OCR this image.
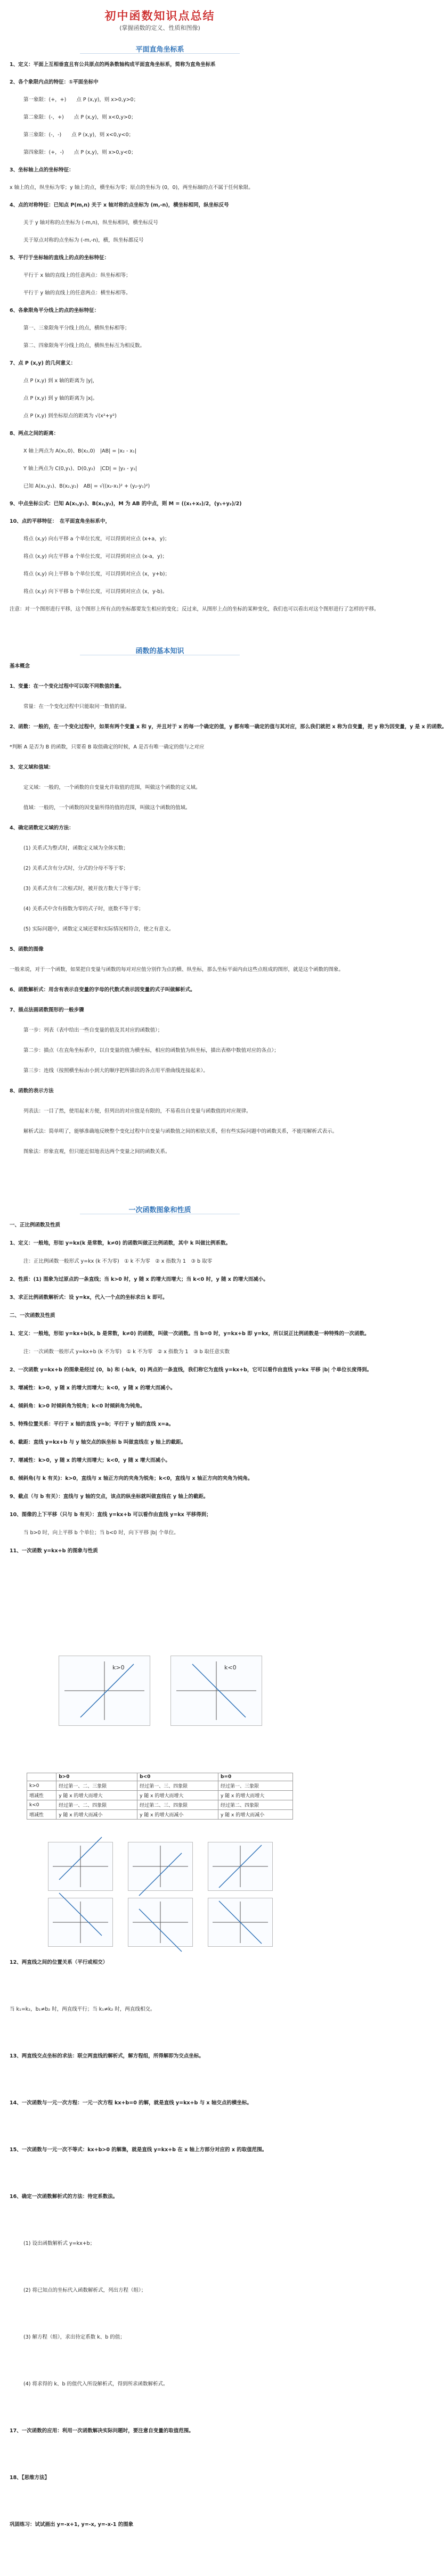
初中函数知识点总结
(掌握函数的定义、性质和图像)
平面直角坐标系
1、定义：平面上互相垂直且有公共原点的两条数轴构成平面直角坐标系，简称为直角坐标系
2、各个象限内点的特征：①平面坐标中
第一象限：(+，+)　　点 P (x,y)，则 x>0,y>0；
第二象限：(-，+)　　点 P (x,y)，则 x<0,y>0；
第三象限：(-，-)　　点 P (x,y)，则 x<0,y<0；
第四象限：(+，-)　　点 P (x,y)，则 x>0,y<0；
3、坐标轴上点的坐标特征：
x 轴上的点，纵坐标为零；y 轴上的点，横坐标为零；原点的坐标为 (0，0)，两坐标轴的点不属于任何象限。
4、点的对称特征：已知点 P(m,n) 关于 x 轴对称的点坐标为 (m,-n)，横坐标相同，纵坐标反号
关于 y 轴对称的点坐标为 (-m,n)，纵坐标相同，横坐标反号
关于原点对称的点坐标为 (-m,-n)，横，纵坐标都反号
5、平行于坐标轴的直线上的点的坐标特征：
平行于 x 轴的直线上的任意两点：纵坐标相等；
平行于 y 轴的直线上的任意两点：横坐标相等。
6、各象限角平分线上的点的坐标特征：
第一、三象限角平分线上的点，横纵坐标相等；
第二、四象限角平分线上的点，横纵坐标互为相反数。
7、点 P (x,y) 的几何意义：
点 P (x,y) 到 x 轴的距离为 |y|，
点 P (x,y) 到 y 轴的距离为 |x|。
点 P (x,y) 到坐标原点的距离为 √(x²+y²)
8、两点之间的距离：
X 轴上两点为 A(x₁,0)、B(x₂,0)　|AB| = |x₂ - x₁|
Y 轴上两点为 C(0,y₁)、D(0,y₂)　|CD| = |y₂ - y₁|
已知 A(x₁,y₁)、B(x₂,y₂)　AB| = √((x₂-x₁)² + (y₂-y₁)²)
9、中点坐标公式：已知 A(x₁,y₁)、B(x₂,y₂)，M 为 AB 的中点，则 M = ((x₁+x₂)/2，(y₁+y₂)/2)
10、点的平移特征：　在平面直角坐标系中，
将点 (x,y) 向右平移 a 个单位长度，可以得到对应点 (x+a，y)；
将点 (x,y) 向左平移 a 个单位长度，可以得到对应点 (x-a，y)；
将点 (x,y) 向上平移 b 个单位长度，可以得到对应点 (x，y+b)；
将点 (x,y) 向下平移 b 个单位长度，可以得到对应点 (x，y-b)。
注意：对一个图形进行平移，这个图形上所有点的坐标都要发生相应的变化；反过来，从图形上点的坐标的某种变化，我们也可以看出对这个图形进行了怎样的平移。
函数的基本知识
基本概念
1、变量：在一个变化过程中可以取不同数值的量。
常量：在一个变化过程中只能取同一数值的量。
2、函数：一般的，在一个变化过程中，如果有两个变量 x 和 y，并且对于 x 的每一个确定的值，y 都有唯一确定的值与其对应，那么我们就把 x 称为自变量，把 y 称为因变量，y 是 x 的函数。
*判断 A 是否为 B 的函数，只要看 B 取值确定的时候，A 是否有唯一确定的值与之对应
3、定义域和值域：
定义域：一般的，一个函数的自变量允许取值的范围，叫做这个函数的定义域。
值域：一般的，一个函数的因变量所得的值的范围，叫做这个函数的值域。
4、确定函数定义域的方法：
(1) 关系式为整式时，函数定义域为全体实数；
(2) 关系式含有分式时，分式的分母不等于零；
(3) 关系式含有二次根式时，被开放方数大于等于零；
(4) 关系式中含有指数为零的式子时，底数不等于零；
(5) 实际问题中，函数定义域还要和实际情况相符合，使之有意义。
5、函数的图像
一般来说，对于一个函数，如果把自变量与函数的每对对应值分别作为点的横、纵坐标，那么坐标平面内由这些点组成的图形，就是这个函数的图象。
6、函数解析式：用含有表示自变量的字母的代数式表示因变量的式子叫做解析式。
7、描点法画函数图形的一般步骤
第一步：列表（表中给出一些自变量的值及其对应的函数值）；
第二步：描点（在直角坐标系中，以自变量的值为横坐标，相应的函数值为纵坐标，描出表格中数值对应的各点）；
第三步：连线（按照横坐标由小到大的顺序把所描出的各点用平滑曲线连接起来）。
8、函数的表示方法
列表法：一目了然，使用起来方便，但列出的对应值是有限的，不易看出自变量与函数值的对应规律。
解析式法：简单明了，能够准确地反映整个变化过程中自变量与函数值之间的相依关系，但有些实际问题中的函数关系，不能用解析式表示。
图象法：形象直观，但只能近似地表达两个变量之间的函数关系。
一次函数图象和性质
一、正比例函数及性质
1、定义：一般地，形如 y=kx(k 是常数，k≠0) 的函数叫做正比例函数，其中 k 叫做比例系数。
注：正比例函数一般形式 y=kx (k 不为零)　① k 不为零　② x 指数为 1　③ b 取零
2、性质：(1) 图象为过原点的一条直线；当 k>0 时，y 随 x 的增大而增大；当 k<0 时，y 随 x 的增大而减小。
3、求正比例函数解析式：设 y=kx，代入一个点的坐标求出 k 即可。
二、一次函数及性质
1、定义：一般地，形如 y=kx+b(k, b 是常数，k≠0) 的函数，叫做一次函数。当 b=0 时，y=kx+b 即 y=kx，所以说正比例函数是一种特殊的一次函数。
注：一次函数一般形式 y=kx+b (k 不为零)　① k 不为零　② x 指数为 1　③ b 取任意实数
2、一次函数 y=kx+b 的图象是经过 (0，b) 和 (-b/k，0) 两点的一条直线，我们称它为直线 y=kx+b，它可以看作由直线 y=kx 平移 |b| 个单位长度得到。
3、增减性：k>0，y 随 x 的增大而增大；k<0，y 随 x 的增大而减小。
4、倾斜角：k>0 时倾斜角为锐角；k<0 时倾斜角为钝角。
5、特殊位置关系：平行于 x 轴的直线 y=b；平行于 y 轴的直线 x=a。
6、截距：直线 y=kx+b 与 y 轴交点的纵坐标 b 叫做直线在 y 轴上的截距。
7、增减性：k>0，y 随 x 的增大而增大；k<0，y 随 x 增大而减小。
8、倾斜角(与 k 有关)：k>0，直线与 x 轴正方向的夹角为锐角；k<0，直线与 x 轴正方向的夹角为钝角。
9、截点（与 b 有关）：直线与 y 轴的交点，该点的纵坐标就叫做直线在 y 轴上的截距。
10、图像的上下平移（只与 b 有关）：直线 y=kx+b 可以看作由直线 y=kx 平移得到；
当 b>0 时，向上平移 b 个单位；当 b<0 时，向下平移 |b| 个单位。
11、一次函数 y=kx+b 的图象与性质
k>0	k<0
	b>0	b<0	b=0
k>0	经过第一、二、三象限	经过第一、三、四象限	经过第一、三象限
增减性	y 随 x 的增大而增大	y 随 x 的增大而增大	y 随 x 的增大而增大
k<0	经过第一、二、四象限	经过第二、三、四象限	经过第二、四象限
增减性	y 随 x 的增大而减小	y 随 x 的增大而减小	y 随 x 的增大而减小
12、两直线之间的位置关系（平行或相交）
当 k₁=k₂，b₁≠b₂ 时，两直线平行；当 k₁≠k₂ 时，两直线相交。
13、两直线交点坐标的求法：联立两直线的解析式，解方程组，所得解即为交点坐标。
14、一次函数与一元一次方程：一元一次方程 kx+b=0 的解，就是直线 y=kx+b 与 x 轴交点的横坐标。
15、一次函数与一元一次不等式：kx+b>0 的解集，就是直线 y=kx+b 在 x 轴上方部分对应的 x 的取值范围。
16、确定一次函数解析式的方法：待定系数法。
(1) 设出函数解析式 y=kx+b；
(2) 将已知点的坐标代入函数解析式，列出方程（组）；
(3) 解方程（组），求出待定系数 k、b 的值；
(4) 将求得的 k、b 的值代入所设解析式，得到所求函数解析式。
17、一次函数的应用：利用一次函数解决实际问题时，要注意自变量的取值范围。
18、【思维方法】
巩固练习：试试画出 y=-x+1, y=-x, y=-x-1 的图象
